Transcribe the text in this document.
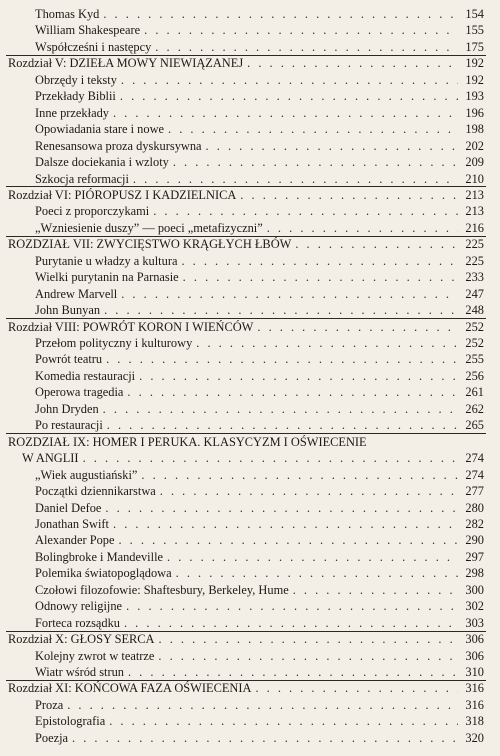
Thomas Kyd . . .	154
William Shakespeare . . .	155
Współcześni i następcy . . .	175
Rozdział V: DZIEŁA MOWY NIEWIĄZANEJ . . .	192
Obrzędy i teksty . . .	192
Przekłady Biblii . . .	193
Inne przekłady . . .	196
Opowiadania stare i nowe . . .	198
Renesansowa proza dyskursywna . . .	202
Dalsze dociekania i wzloty . . .	209
Szkocja reformacji . . .	210
Rozdział VI: PIÓROPUSZ I KADZIELNICA . . .	213
Poeci z proporczykami . . .	213
„Wzniesienie duszy” — poeci „metafizyczni” . . .	216
ROZDZIAŁ VII: ZWYCIĘSTWO KRĄGŁYCH ŁBÓW . . .	225
Purytanie u władzy a kultura . . .	225
Wielki purytanin na Parnasie . . .	233
Andrew Marvell . . .	247
John Bunyan . . .	248
Rozdział VIII: POWRÓT KORON I WIEŃCÓW . . .	252
Przełom polityczny i kulturowy . . .	252
Powrót teatru . . .	255
Komedia restauracji . . .	256
Operowa tragedia . . .	261
John Dryden . . .	262
Po restauracji . . .	265
ROZDZIAŁ IX: HOMER I PERUKA. KLASYCYZM I OŚWIECENIE
W ANGLII . . .	274
„Wiek augustiański” . . .	274
Początki dziennikarstwa . . .	277
Daniel Defoe . . .	280
Jonathan Swift . . .	282
Alexander Pope . . .	290
Bolingbroke i Mandeville . . .	297
Polemika światopoglądowa . . .	298
Czołowi filozofowie: Shaftesbury, Berkeley, Hume . . .	300
Odnowy religijne . . .	302
Forteca rozsądku . . .	303
Rozdział X: GŁOSY SERCA . . .	306
Kolejny zwrot w teatrze . . .	306
Wiatr wśród strun . . .	310
Rozdział XI: KOŃCOWA FAZA OŚWIECENIA . . .	316
Proza . . .	316
Epistolografia . . .	318
Poezja . . .	320
